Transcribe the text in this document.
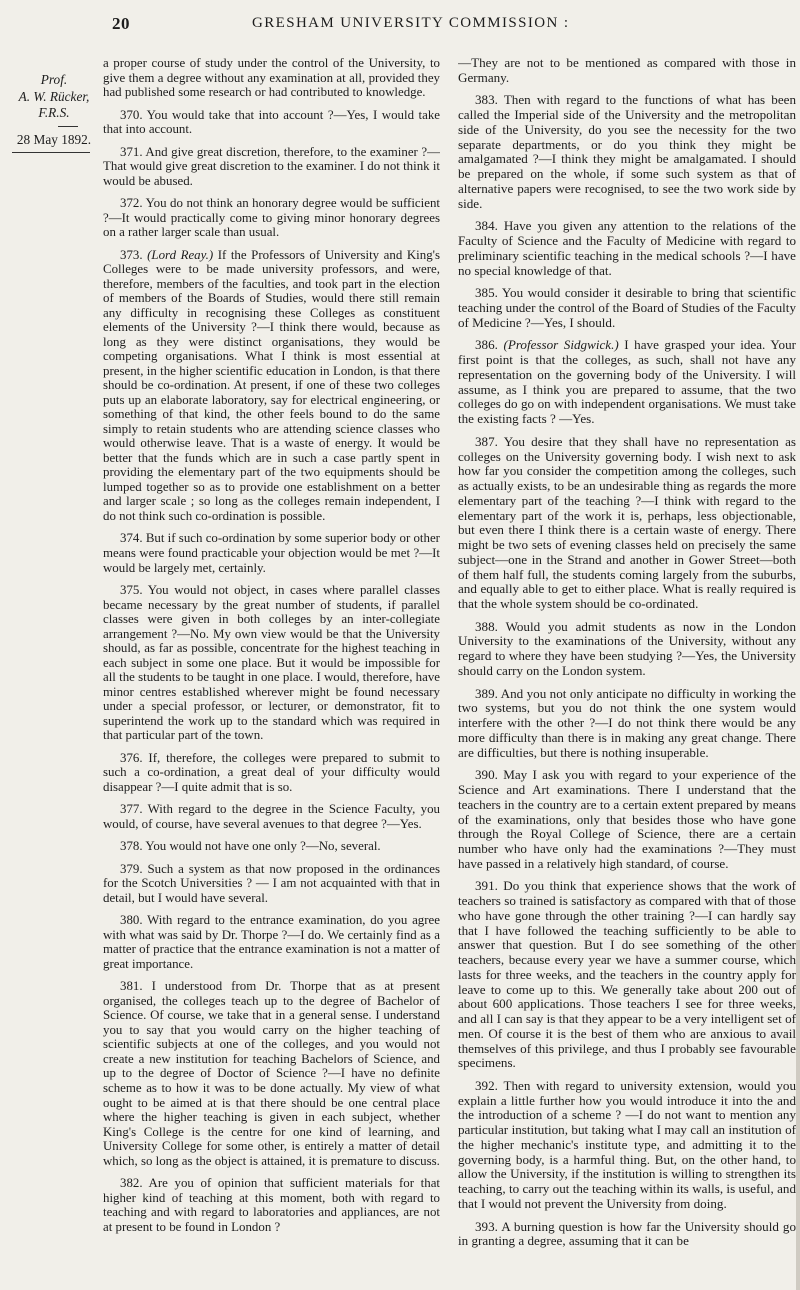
20	GRESHAM UNIVERSITY COMMISSION :
Prof.
A. W. Rücker,
F.R.S.
28 May 1892.

a proper course of study under the control of the University, to give them a degree without any examination at all, provided they had published some research or had contributed to knowledge.

370. You would take that into account ?—Yes, I would take that into account.

371. And give great discretion, therefore, to the examiner ?—That would give great discretion to the examiner. I do not think it would be abused.

372. You do not think an honorary degree would be sufficient ?—It would practically come to giving minor honorary degrees on a rather larger scale than usual.

373. (Lord Reay.) If the Professors of University and King's Colleges were to be made university professors, and were, therefore, members of the faculties, and took part in the election of members of the Boards of Studies, would there still remain any difficulty in recognising these Colleges as constituent elements of the University ?—I think there would, because as long as they were distinct organisations, they would be competing organisations. What I think is most essential at present, in the higher scientific education in London, is that there should be co-ordination. At present, if one of these two colleges puts up an elaborate laboratory, say for electrical engineering, or something of that kind, the other feels bound to do the same simply to retain students who are attending science classes who would otherwise leave. That is a waste of energy. It would be better that the funds which are in such a case partly spent in providing the elementary part of the two equipments should be lumped together so as to provide one establishment on a better and larger scale ; so long as the colleges remain independent, I do not think such co-ordination is possible.

374. But if such co-ordination by some superior body or other means were found practicable your objection would be met ?—It would be largely met, certainly.

375. You would not object, in cases where parallel classes became necessary by the great number of students, if parallel classes were given in both colleges by an inter-collegiate arrangement ?—No. My own view would be that the University should, as far as possible, concentrate for the highest teaching in each subject in some one place. But it would be impossible for all the students to be taught in one place. I would, therefore, have minor centres established wherever might be found necessary under a special professor, or lecturer, or demonstrator, fit to superintend the work up to the standard which was required in that particular part of the town.

376. If, therefore, the colleges were prepared to submit to such a co-ordination, a great deal of your difficulty would disappear ?—I quite admit that is so.

377. With regard to the degree in the Science Faculty, you would, of course, have several avenues to that degree ?—Yes.

378. You would not have one only ?—No, several.

379. Such a system as that now proposed in the ordinances for the Scotch Universities ? — I am not acquainted with that in detail, but I would have several.

380. With regard to the entrance examination, do you agree with what was said by Dr. Thorpe ?—I do. We certainly find as a matter of practice that the entrance examination is not a matter of great importance.

381. I understood from Dr. Thorpe that as at present organised, the colleges teach up to the degree of Bachelor of Science. Of course, we take that in a general sense. I understand you to say that you would carry on the higher teaching of scientific subjects at one of the colleges, and you would not create a new institution for teaching Bachelors of Science, and up to the degree of Doctor of Science ?—I have no definite scheme as to how it was to be done actually. My view of what ought to be aimed at is that there should be one central place where the higher teaching is given in each subject, whether King's College is the centre for one kind of learning, and University College for some other, is entirely a matter of detail which, so long as the object is attained, it is premature to discuss.

382. Are you of opinion that sufficient materials for that higher kind of teaching at this moment, both with regard to teaching and with regard to laboratories and appliances, are not at present to be found in London ?

—They are not to be mentioned as compared with those in Germany.

383. Then with regard to the functions of what has been called the Imperial side of the University and the metropolitan side of the University, do you see the necessity for the two separate departments, or do you think they might be amalgamated ?—I think they might be amalgamated. I should be prepared on the whole, if some such system as that of alternative papers were recognised, to see the two work side by side.

384. Have you given any attention to the relations of the Faculty of Science and the Faculty of Medicine with regard to preliminary scientific teaching in the medical schools ?—I have no special knowledge of that.

385. You would consider it desirable to bring that scientific teaching under the control of the Board of Studies of the Faculty of Medicine ?—Yes, I should.

386. (Professor Sidgwick.) I have grasped your idea. Your first point is that the colleges, as such, shall not have any representation on the governing body of the University. I will assume, as I think you are prepared to assume, that the two colleges do go on with independent organisations. We must take the existing facts ? —Yes.

387. You desire that they shall have no representation as colleges on the University governing body. I wish next to ask how far you consider the competition among the colleges, such as actually exists, to be an undesirable thing as regards the more elementary part of the teaching ?—I think with regard to the elementary part of the work it is, perhaps, less objectionable, but even there I think there is a certain waste of energy. There might be two sets of evening classes held on precisely the same subject—one in the Strand and another in Gower Street—both of them half full, the students coming largely from the suburbs, and equally able to get to either place. What is really required is that the whole system should be co-ordinated.

388. Would you admit students as now in the London University to the examinations of the University, without any regard to where they have been studying ?—Yes, the University should carry on the London system.

389. And you not only anticipate no difficulty in working the two systems, but you do not think the one system would interfere with the other ?—I do not think there would be any more difficulty than there is in making any great change. There are difficulties, but there is nothing insuperable.

390. May I ask you with regard to your experience of the Science and Art examinations. There I understand that the teachers in the country are to a certain extent prepared by means of the examinations, only that besides those who have gone through the Royal College of Science, there are a certain number who have only had the examinations ?—They must have passed in a relatively high standard, of course.

391. Do you think that experience shows that the work of teachers so trained is satisfactory as compared with that of those who have gone through the other training ?—I can hardly say that I have followed the teaching sufficiently to be able to answer that question. But I do see something of the other teachers, because every year we have a summer course, which lasts for three weeks, and the teachers in the country apply for leave to come up to this. We generally take about 200 out of about 600 applications. Those teachers I see for three weeks, and all I can say is that they appear to be a very intelligent set of men. Of course it is the best of them who are anxious to avail themselves of this privilege, and thus I probably see favourable specimens.

392. Then with regard to university extension, would you explain a little further how you would introduce it into the and the introduction of a scheme ? —I do not want to mention any particular institution, but taking what I may call an institution of the higher mechanic's institute type, and admitting it to the governing body, is a harmful thing. But, on the other hand, to allow the University, if the institution is willing to strengthen its teaching, to carry out the teaching within its walls, is useful, and that I would not prevent the University from doing.

393. A burning question is how far the University should go in granting a degree, assuming that it can be
